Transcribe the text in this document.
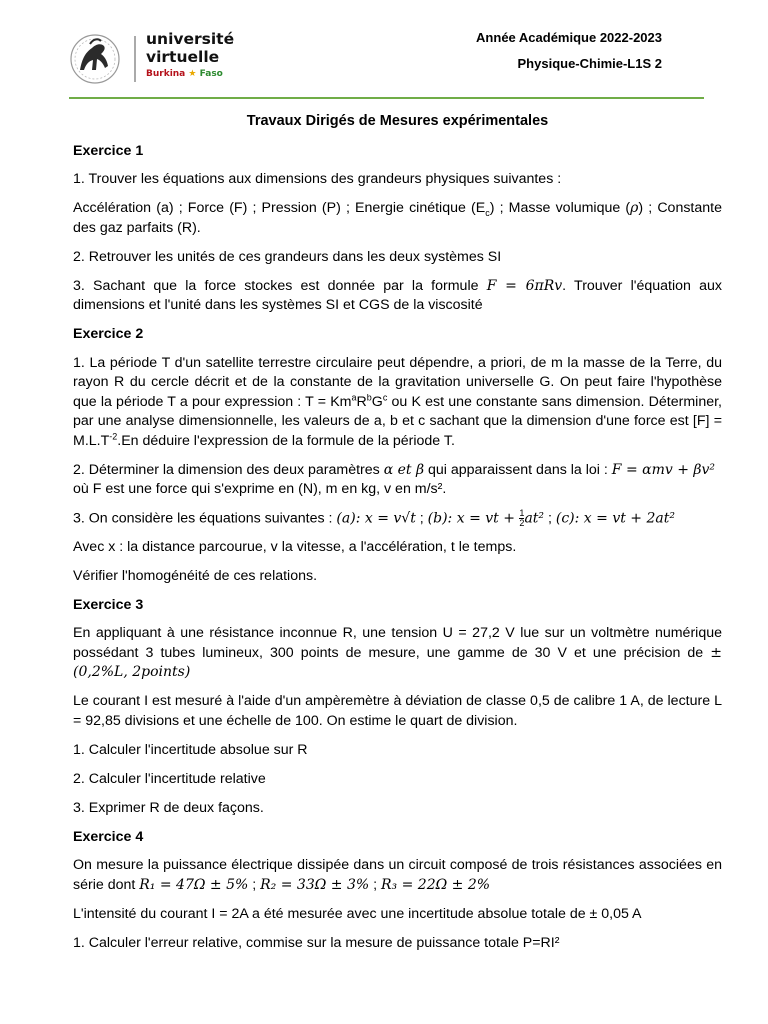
université
virtuelle
Burkina ★ Faso
Année Académique 2022-2023
Physique-Chimie-L1S 2
Travaux Dirigés de Mesures expérimentales
Exercice 1

1. Trouver les équations aux dimensions des grandeurs physiques suivantes :

Accélération (a) ; Force (F) ; Pression (P) ; Energie cinétique $(E_c)$ ; Masse volumique (ρ) ; Constante des gaz parfaits (R).

2. Retrouver les unités de ces grandeurs dans les deux systèmes SI

3. Sachant que la force stockes est donnée par la formule F = 6πRv. Trouver l'équation aux dimensions et l'unité dans les systèmes SI et CGS de la viscosité

Exercice 2

1. La période T d'un satellite terrestre circulaire peut dépendre, a priori, de m la masse de la Terre, du rayon R du cercle décrit et de la constante de la gravitation universelle G. On peut faire l'hypothèse que la période T a pour expression : $T = Km^aR^bG^c$ ou K est une constante sans dimension. Déterminer, par une analyse dimensionnelle, les valeurs de a, b et c sachant que la dimension d'une force est $[F] = M.L.T^{-2}.En$ déduire l'expression de la formule de la période T.

2. Déterminer la dimension des deux paramètres α et β qui apparaissent dans la loi : F = αmv + βv²
où F est une force qui s'exprime en (N), m en kg, v en m/s².

3. On considère les équations suivantes : (a): x = v√t ; (b): x = vt + $\frac{1}{2} at^2$ ; (c): x = vt + 2at²

Avec x : la distance parcourue, v la vitesse, a l'accélération, t le temps.

Vérifier l'homogénéité de ces relations.

Exercice 3

En appliquant à une résistance inconnue R, une tension U = 27,2 V lue sur un voltmètre numérique possédant 3 tubes lumineux, 300 points de mesure, une gamme de 30 V et une précision de ±(0,2%L, 2points)

Le courant I est mesuré à l'aide d'un ampèremètre à déviation de classe 0,5 de calibre 1 A, de lecture L = 92,85 divisions et une échelle de 100. On estime le quart de division.

1. Calculer l'incertitude absolue sur R

2. Calculer l'incertitude relative

3. Exprimer R de deux façons.

Exercice 4

On mesure la puissance électrique dissipée dans un circuit composé de trois résistances associées en série dont R₁ = 47Ω ± 5% ; R₂ = 33Ω ± 3% ; R₃ = 22Ω ± 2%

L'intensité du courant I = 2A a été mesurée avec une incertitude absolue totale de ± 0,05 A

1. Calculer l'erreur relative, commise sur la mesure de puissance totale P=RI²
